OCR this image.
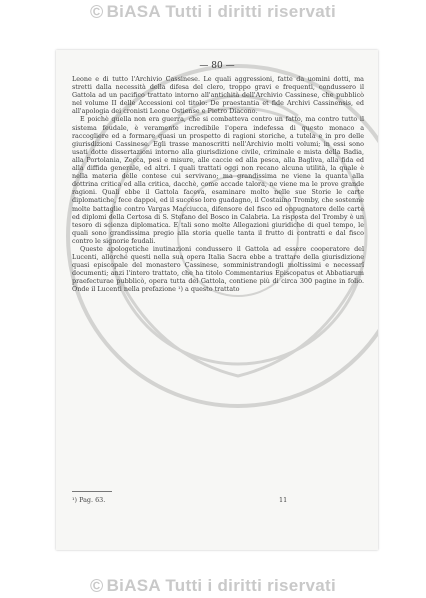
© BiASA Tutti i diritti riservati
— 80 —

Leone e di tutto l'Archivio Cassinese. Le quali aggressioni, fatte da uomini dotti, ma stretti dalla necessità della difesa del clero, troppo gravi e frequenti, condussero il Gattola ad un pacifico trattato intorno all'antichità dell'Archivio Cassinese, che pubblicò nel volume II delle Accessioni col titolo: De praestantia et fide Archivi Cassinensis, ed all'apologia dei cronisti Leone Ostiense e Pietro Diacono.

E poichè quella non era guerra, che si combatteva contro un fatto, ma contro tutto il sistema feudale, è veramente incredibile l'opera indefessa di questo monaco a raccogliere ed a formare quasi un prospetto di ragioni storiche, a tutela e in pro delle giurisdizioni Cassinese. Egli trasse manoscritti nell'Archivio molti volumi; in essi sono usati dotte dissertazioni intorno alla giurisdizione civile, criminale e mista della Badia, alla Portolania, Zecca, pesi e misure, alle caccie ed alla pesca, alla Bagliva, alla fida ed alla diffida generale, ed altri. I quali trattati oggi non recano alcuna utilità, la quale è nella materia delle contese cui servivano; ma grandissima ne viene la quanta alla dottrina critica ed alla critica, dacchè, come accade talora, ne viene ma le prove grande ragioni. Quali ebbe il Gattola faceva, esaminare molto nelle sue Storie le carte diplomatiche, fece dappoi, ed il succeso loro guadagno, il Costaiino Tromby, che sostenne molte battaglie contro Vargas Macciucca, difensore del fisco ed oppugnatore delle carte ed diplomi della Certosa di S. Stefano del Bosco in Calabria. La risposta del Tromby è un tesoro di scienza diplomatica. E tali sono molte Allegazioni giuridiche di quel tempo, le quali sono grandissima pregio alla storia quelle tanta il frutto di contratti e dal fisco contro le signorie feudali.

Queste apologetiche inutinazioni condussero il Gattola ad essere cooperatore del Lucenti, allorché questi nella sua opera Italia Sacra ebbe a trattare della giurisdizione quasi episcopale del monastero Cassinese, somministrandogli moltissimi e necessarî documenti; anzi l'intero trattato, che ha titolo Commentarius Episcopatus et Abbatiarum praefecturae pubblicò, opera tutta del Gattola, contiene più di circa 300 pagine in folio. Onde il Lucenti nella prefazione ¹) a questo trattato

¹) Pag. 63.	11
© BiASA Tutti i diritti riservati
